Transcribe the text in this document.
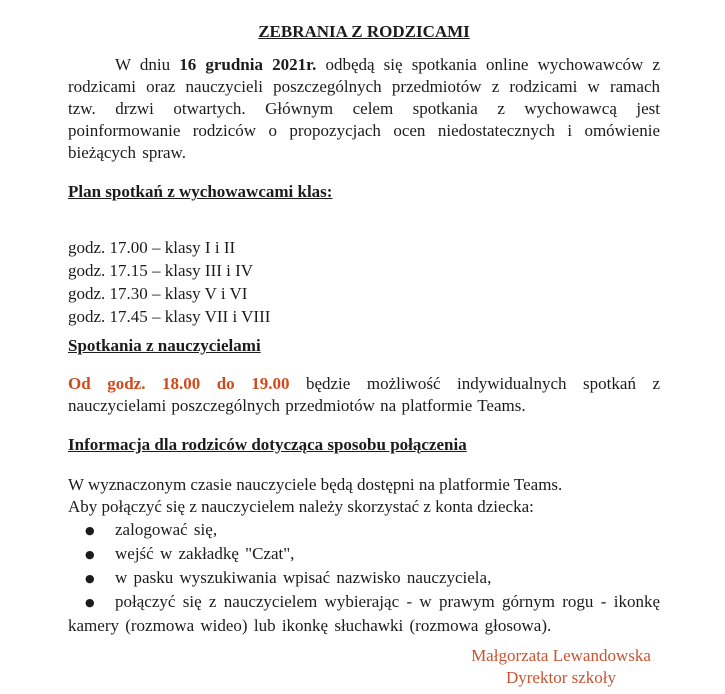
ZEBRANIA Z RODZICAMI

W dniu 16 grudnia 2021r. odbędą się spotkania online wychowawców z rodzicami oraz nauczycieli poszczególnych przedmiotów z rodzicami w ramach tzw. drzwi otwartych. Głównym celem spotkania z wychowawcą jest poinformowanie rodziców o propozycjach ocen niedostatecznych i omówienie bieżących spraw.

Plan spotkań z wychowawcami klas:
godz. 17.00 – klasy I i II
godz. 17.15 – klasy III i IV
godz. 17.30 – klasy V i VI
godz. 17.45 – klasy VII i VIII
Spotkania z nauczycielami

Od godz. 18.00 do 19.00 będzie możliwość indywidualnych spotkań z nauczycielami poszczególnych przedmiotów na platformie Teams.

Informacja dla rodziców dotycząca sposobu połączenia
W wyznaczonym czasie nauczyciele będą dostępni na platformie Teams.
Aby połączyć się z nauczycielem należy skorzystać z konta dziecka:
● zalogować się,
● wejść w zakładkę "Czat",
● w pasku wyszukiwania wpisać nazwisko nauczyciela,
● połączyć się z nauczycielem wybierając - w prawym górnym rogu - ikonkę kamery (rozmowa wideo) lub ikonkę słuchawki (rozmowa głosowa).
Małgorzata Lewandowska
Dyrektor szkoły
